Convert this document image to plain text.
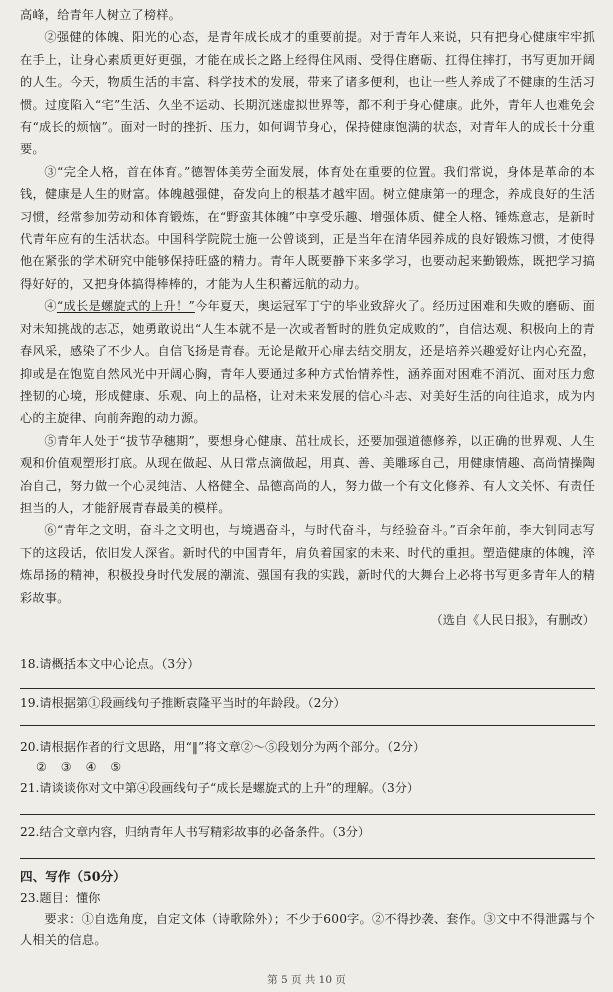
高峰，给青年人树立了榜样。

②强健的体魄、阳光的心态，是青年成长成才的重要前提。对于青年人来说，只有把身心健康牢牢抓在手上，让身心素质更好更强，才能在成长之路上经得住风雨、受得住磨砺、扛得住摔打，书写更加开阔的人生。今天，物质生活的丰富、科学技术的发展，带来了诸多便利，也让一些人养成了不健康的生活习惯。过度陷入“宅”生活、久坐不运动、长期沉迷虚拟世界等，都不利于身心健康。此外，青年人也难免会有“成长的烦恼”。面对一时的挫折、压力，如何调节身心，保持健康饱满的状态，对青年人的成长十分重要。

③“完全人格，首在体育。”德智体美劳全面发展，体育处在重要的位置。我们常说，身体是革命的本钱，健康是人生的财富。体魄越强健，奋发向上的根基才越牢固。树立健康第一的理念，养成良好的生活习惯，经常参加劳动和体育锻炼，在“野蛮其体魄”中享受乐趣、增强体质、健全人格、锤炼意志，是新时代青年应有的生活状态。中国科学院院士施一公曾谈到，正是当年在清华园养成的良好锻炼习惯，才使得他在紧张的学术研究中能够保持旺盛的精力。青年人既要静下来多学习，也要动起来勤锻炼，既把学习搞得好好的，又把身体搞得棒棒的，才能为人生积蓄远航的动力。

④“成长是螺旋式的上升！”今年夏天，奥运冠军丁宁的毕业致辞火了。经历过困难和失败的磨砺、面对未知挑战的志忑，她勇敢说出“人生本就不是一次或者暂时的胜负定成败的”，自信达观、积极向上的青春风采，感染了不少人。自信飞扬是青春。无论是敞开心扉去结交朋友，还是培养兴趣爱好让内心充盈，抑或是在饱览自然风光中开阔心胸，青年人要通过多种方式怡情养性，涵养面对困难不消沉、面对压力愈挫韧的心境，形成健康、乐观、向上的品格，让对未来发展的信心斗志、对美好生活的向往追求，成为内心的主旋律、向前奔跑的动力源。

⑤青年人处于“拔节孕穗期”，要想身心健康、茁壮成长，还要加强道德修养，以正确的世界观、人生观和价值观塑形打底。从现在做起、从日常点滴做起，用真、善、美雕琢自己，用健康情趣、高尚情操陶冶自己，努力做一个心灵纯洁、人格健全、品德高尚的人，努力做一个有文化修养、有人文关怀、有责任担当的人，才能舒展青春最美的模样。

⑥“青年之文明，奋斗之文明也，与境遇奋斗，与时代奋斗，与经验奋斗。”百余年前，李大钊同志写下的这段话，依旧发人深省。新时代的中国青年，肩负着国家的未来、时代的重担。塑造健康的体魄，淬炼昂扬的精神，积极投身时代发展的潮流、强国有我的实践，新时代的大舞台上必将书写更多青年人的精彩故事。

（选自《人民日报》，有删改）

18.请概括本文中心论点。（3分）

19.请根据第①段画线句子推断袁隆平当时的年龄段。（2分）

20.请根据作者的行文思路，用“‖”将文章②～⑤段划分为两个部分。（2分）

② ③ ④ ⑤

21.请谈谈你对文中第④段画线句子“成长是螺旋式的上升”的理解。（3分）

22.结合文章内容，归纳青年人书写精彩故事的必备条件。（3分）

四、写作（50分）

23.题目：懂你

要求：①自选角度，自定文体（诗歌除外）；不少于600字。②不得抄袭、套作。③文中不得泄露与个人相关的信息。

第 5 页 共 10 页
